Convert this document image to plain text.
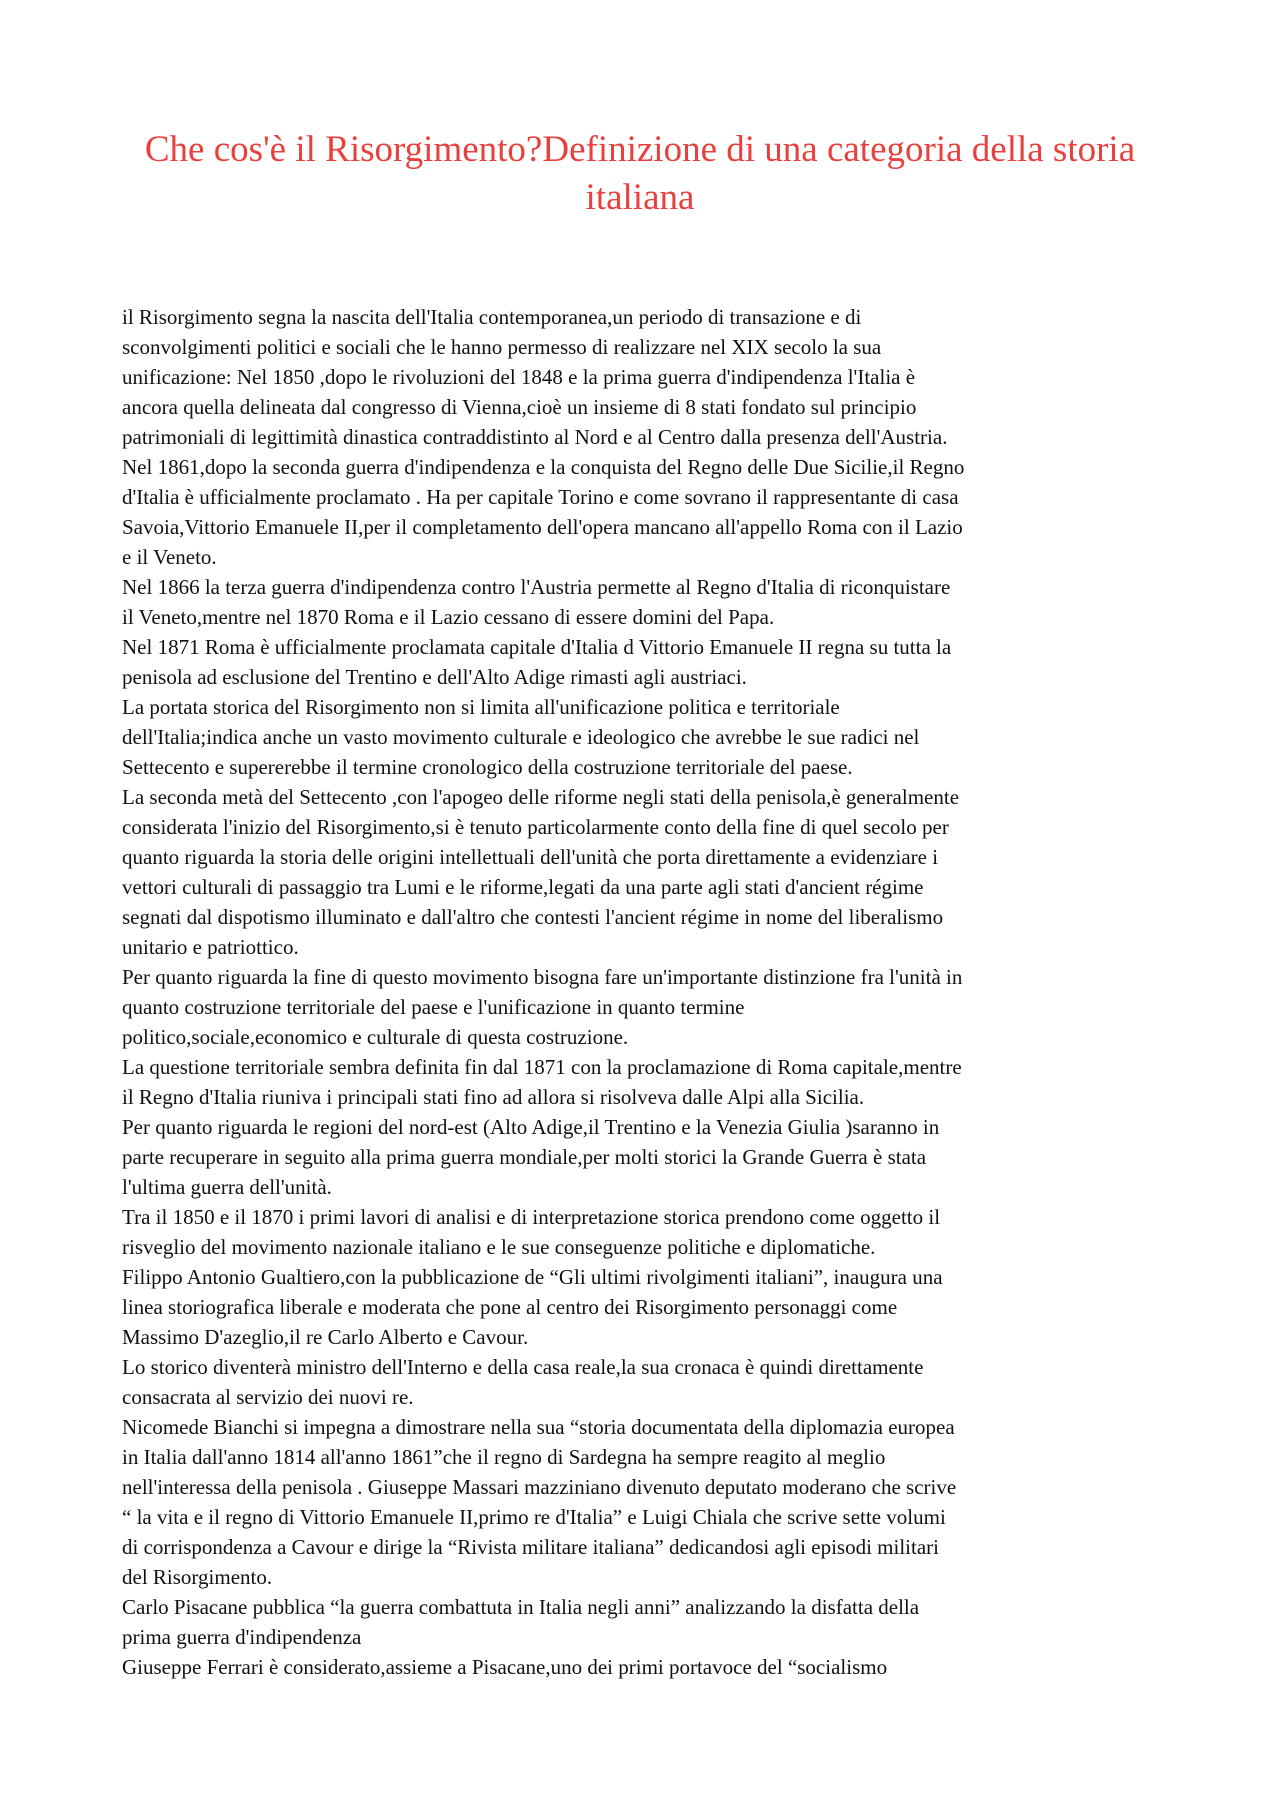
Che cos'è il Risorgimento?Definizione di una categoria della storia italiana
il Risorgimento segna la nascita dell'Italia contemporanea,un periodo di transazione e di
sconvolgimenti politici e sociali che le hanno permesso di realizzare nel XIX secolo la sua
unificazione: Nel 1850 ,dopo le rivoluzioni del 1848 e la prima guerra d'indipendenza l'Italia è
ancora quella delineata dal congresso di Vienna,cioè un insieme di 8 stati fondato sul principio
patrimoniali di legittimità dinastica contraddistinto al Nord e al Centro dalla presenza dell'Austria.
Nel 1861,dopo la seconda guerra d'indipendenza e la conquista del Regno delle Due Sicilie,il Regno
d'Italia è ufficialmente proclamato . Ha per capitale Torino e come sovrano il rappresentante di casa
Savoia,Vittorio Emanuele II,per il completamento dell'opera mancano all'appello Roma con il Lazio
e il Veneto.
Nel 1866 la terza guerra d'indipendenza contro l'Austria permette al Regno d'Italia di riconquistare
il Veneto,mentre nel 1870 Roma e il Lazio cessano di essere domini del Papa.
Nel 1871 Roma è ufficialmente proclamata capitale d'Italia d Vittorio Emanuele II regna su tutta la
penisola ad esclusione del Trentino e dell'Alto Adige rimasti agli austriaci.
La portata storica del Risorgimento non si limita all'unificazione politica e territoriale
dell'Italia;indica anche un vasto movimento culturale e ideologico che avrebbe le sue radici nel
Settecento e supererebbe il termine cronologico della costruzione territoriale del paese.
La seconda metà del Settecento ,con l'apogeo delle riforme negli stati della penisola,è generalmente
considerata l'inizio del Risorgimento,si è tenuto particolarmente conto della fine di quel secolo per
quanto riguarda la storia delle origini intellettuali dell'unità che porta direttamente a evidenziare i
vettori culturali di passaggio tra Lumi e le riforme,legati da una parte agli stati d'ancient régime
segnati dal dispotismo illuminato e dall'altro che contesti l'ancient régime in nome del liberalismo
unitario e patriottico.
Per quanto riguarda la fine di questo movimento bisogna fare un'importante distinzione fra l'unità in
quanto costruzione territoriale del paese e l'unificazione in quanto termine
politico,sociale,economico e culturale di questa costruzione.
La questione territoriale sembra definita fin dal 1871 con la proclamazione di Roma capitale,mentre
il Regno d'Italia riuniva i principali stati fino ad allora si risolveva dalle Alpi alla Sicilia.
Per quanto riguarda le regioni del nord-est (Alto Adige,il Trentino e la Venezia Giulia )saranno in
parte recuperare in seguito alla prima guerra mondiale,per molti storici la Grande Guerra è stata
l'ultima guerra dell'unità.
Tra il 1850 e il 1870 i primi lavori di analisi e di interpretazione storica prendono come oggetto il
risveglio del movimento nazionale italiano e le sue conseguenze politiche e diplomatiche.
Filippo Antonio Gualtiero,con la pubblicazione de “Gli ultimi rivolgimenti italiani”, inaugura una
linea storiografica liberale e moderata che pone al centro dei Risorgimento personaggi come
Massimo D'azeglio,il re Carlo Alberto e Cavour.
Lo storico diventerà ministro dell'Interno e della casa reale,la sua cronaca è quindi direttamente
consacrata al servizio dei nuovi re.
Nicomede Bianchi si impegna a dimostrare nella sua “storia documentata della diplomazia europea
in Italia dall'anno 1814 all'anno 1861”che il regno di Sardegna ha sempre reagito al meglio
nell'interessa della penisola . Giuseppe Massari mazziniano divenuto deputato moderano che scrive
“ la vita e il regno di Vittorio Emanuele II,primo re d'Italia” e Luigi Chiala che scrive sette volumi
di corrispondenza a Cavour e dirige la “Rivista militare italiana” dedicandosi agli episodi militari
del Risorgimento.
Carlo Pisacane pubblica “la guerra combattuta in Italia negli anni” analizzando la disfatta della
prima guerra d'indipendenza
Giuseppe Ferrari è considerato,assieme a Pisacane,uno dei primi portavoce del “socialismo
